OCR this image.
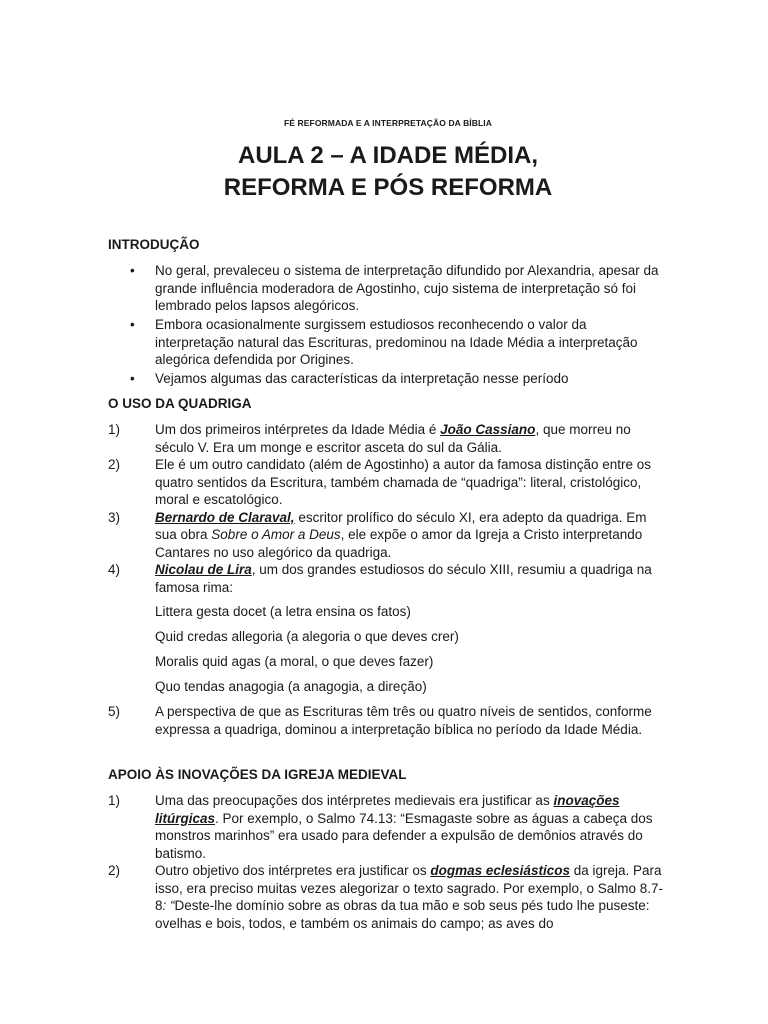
FÉ REFORMADA E A INTERPRETAÇÃO DA BÍBLIA
AULA 2 – A IDADE MÉDIA,
REFORMA E PÓS REFORMA
INTRODUÇÃO
• No geral, prevaleceu o sistema de interpretação difundido por Alexandria, apesar da grande influência moderadora de Agostinho, cujo sistema de interpretação só foi lembrado pelos lapsos alegóricos.
• Embora ocasionalmente surgissem estudiosos reconhecendo o valor da interpretação natural das Escrituras, predominou na Idade Média a interpretação alegórica defendida por Origines.
• Vejamos algumas das características da interpretação nesse período
O USO DA QUADRIGA
1)	Um dos primeiros intérpretes da Idade Média é João Cassiano, que morreu no século V. Era um monge e escritor asceta do sul da Gália.
2)	Ele é um outro candidato (além de Agostinho) a autor da famosa distinção entre os quatro sentidos da Escritura, também chamada de “quadriga”: literal, cristológico, moral e escatológico.
3)	Bernardo de Claraval, escritor prolífico do século XI, era adepto da quadriga. Em sua obra Sobre o Amor a Deus, ele expõe o amor da Igreja a Cristo interpretando Cantares no uso alegórico da quadriga.
4)	Nicolau de Lira, um dos grandes estudiosos do século XIII, resumiu a quadriga na famosa rima:
Littera gesta docet (a letra ensina os fatos)
Quid credas allegoria (a alegoria o que deves crer)
Moralis quid agas (a moral, o que deves fazer)
Quo tendas anagogia (a anagogia, a direção)
5)	A perspectiva de que as Escrituras têm três ou quatro níveis de sentidos, conforme expressa a quadriga, dominou a interpretação bíblica no período da Idade Média.
APOIO ÀS INOVAÇÕES DA IGREJA MEDIEVAL
1)	Uma das preocupações dos intérpretes medievais era justificar as inovações litúrgicas. Por exemplo, o Salmo 74.13: “Esmagaste sobre as águas a cabeça dos monstros marinhos” era usado para defender a expulsão de demônios através do batismo.
2)	Outro objetivo dos intérpretes era justificar os dogmas eclesiásticos da igreja. Para isso, era preciso muitas vezes alegorizar o texto sagrado. Por exemplo, o Salmo 8.7-8: “Deste-lhe domínio sobre as obras da tua mão e sob seus pés tudo lhe puseste: ovelhas e bois, todos, e também os animais do campo; as aves do
